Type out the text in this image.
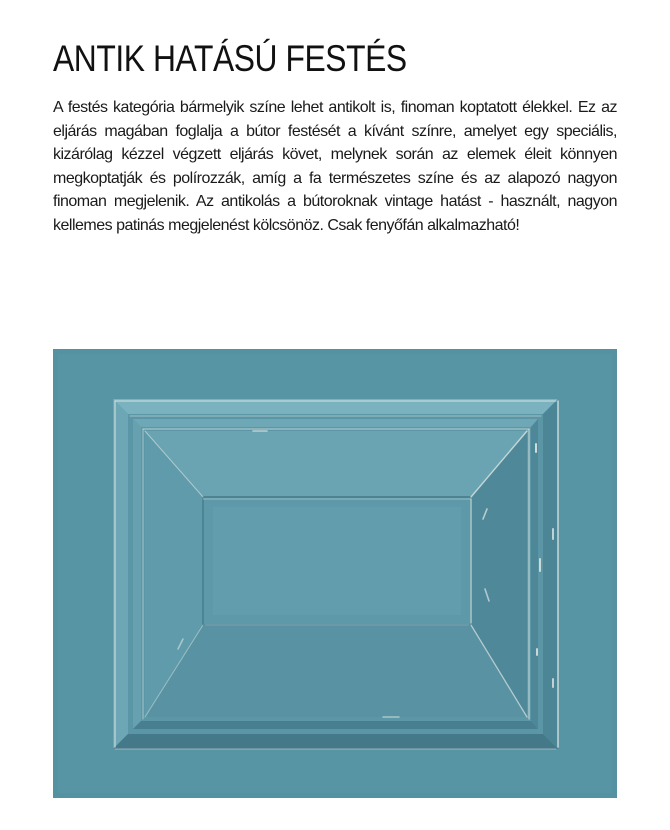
ANTIK HATÁSÚ FESTÉS

A festés kategória bármelyik színe lehet antikolt is, finoman koptatott élekkel. Ez az eljárás magában foglalja a bútor festését a kívánt színre, amelyet egy speciális, kizárólag kézzel végzett eljárás követ, melynek során az elemek éleit könnyen megkoptatják és polírozzák, amíg a fa természetes színe és az alapozó nagyon finoman megjelenik. Az antikolás a bútoroknak vintage hatást - használt, nagyon kellemes patinás megjelenést kölcsönöz. Csak fenyőfán alkalmazható!
